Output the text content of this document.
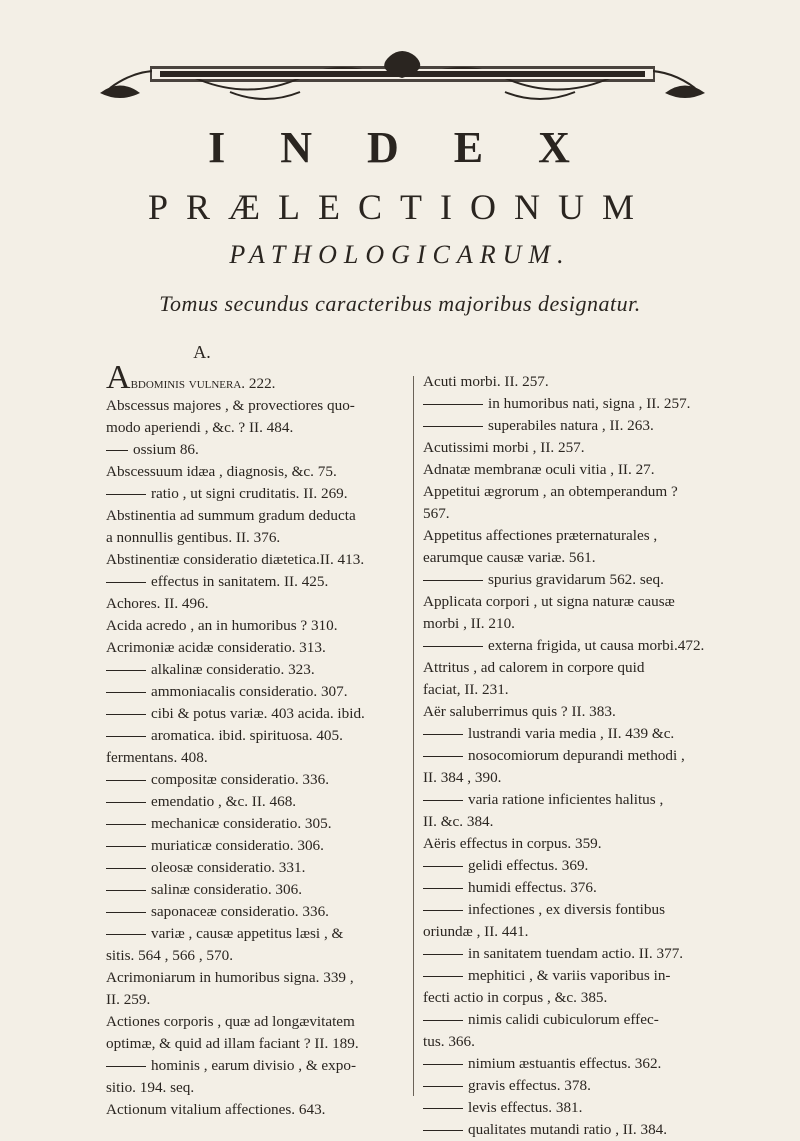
I N D E X
PRÆLECTIONUM
PATHOLOGICARUM.
Tomus secundus caracteribus majoribus designatur.
A.
Abdominis vulnera. 222.
Abscessus majores , & provectiores quo-
modo aperiendi , &c. ? II. 484.
ossium 86.
Abscessuum idæa , diagnosis, &c. 75.
ratio , ut signi cruditatis. II. 269.
Abstinentia ad summum gradum deducta
a nonnullis gentibus. II. 376.
Abstinentiæ consideratio diætetica.II. 413.
effectus in sanitatem. II. 425.
Achores. II. 496.
Acida acredo , an in humoribus ? 310.
Acrimoniæ acidæ consideratio. 313.
alkalinæ consideratio. 323.
ammoniacalis consideratio. 307.
cibi & potus variæ. 403 acida. ibid.
aromatica. ibid. spirituosa. 405.
fermentans. 408.
compositæ consideratio. 336.
emendatio , &c. II. 468.
mechanicæ consideratio. 305.
muriaticæ consideratio. 306.
oleosæ consideratio. 331.
salinæ consideratio. 306.
saponaceæ consideratio. 336.
variæ , causæ appetitus læsi , &
sitis. 564 , 566 , 570.
Acrimoniarum in humoribus signa. 339 ,
II. 259.
Actiones corporis , quæ ad longævitatem
optimæ, & quid ad illam faciant ? II. 189.
hominis , earum divisio , & expo-
sitio. 194. seq.
Actionum vitalium affectiones. 643.
Acuti morbi. II. 257.
in humoribus nati, signa , II. 257.
superabiles natura , II. 263.
Acutissimi morbi , II. 257.
Adnatæ membranæ oculi vitia , II. 27.
Appetitui ægrorum , an obtemperandum ?
567.
Appetitus affectiones præternaturales ,
earumque causæ variæ. 561.
spurius gravidarum 562. seq.
Applicata corpori , ut signa naturæ causæ
morbi , II. 210.
externa frigida, ut causa morbi.472.
Attritus , ad calorem in corpore quid
faciat, II. 231.
Aër saluberrimus quis ? II. 383.
lustrandi varia media , II. 439 &c.
nosocomiorum depurandi methodi ,
II. 384 , 390.
varia ratione inficientes halitus ,
II. &c. 384.
Aëris effectus in corpus. 359.
gelidi effectus. 369.
humidi effectus. 376.
infectiones , ex diversis fontibus
oriundæ , II. 441.
in sanitatem tuendam actio. II. 377.
mephitici , & variis vaporibus in-
fecti actio in corpus , &c. 385.
nimis calidi cubiculorum effec-
tus. 366.
nimium æstuantis effectus. 362.
gravis effectus. 378.
levis effectus. 381.
qualitates mutandi ratio , II. 384.
